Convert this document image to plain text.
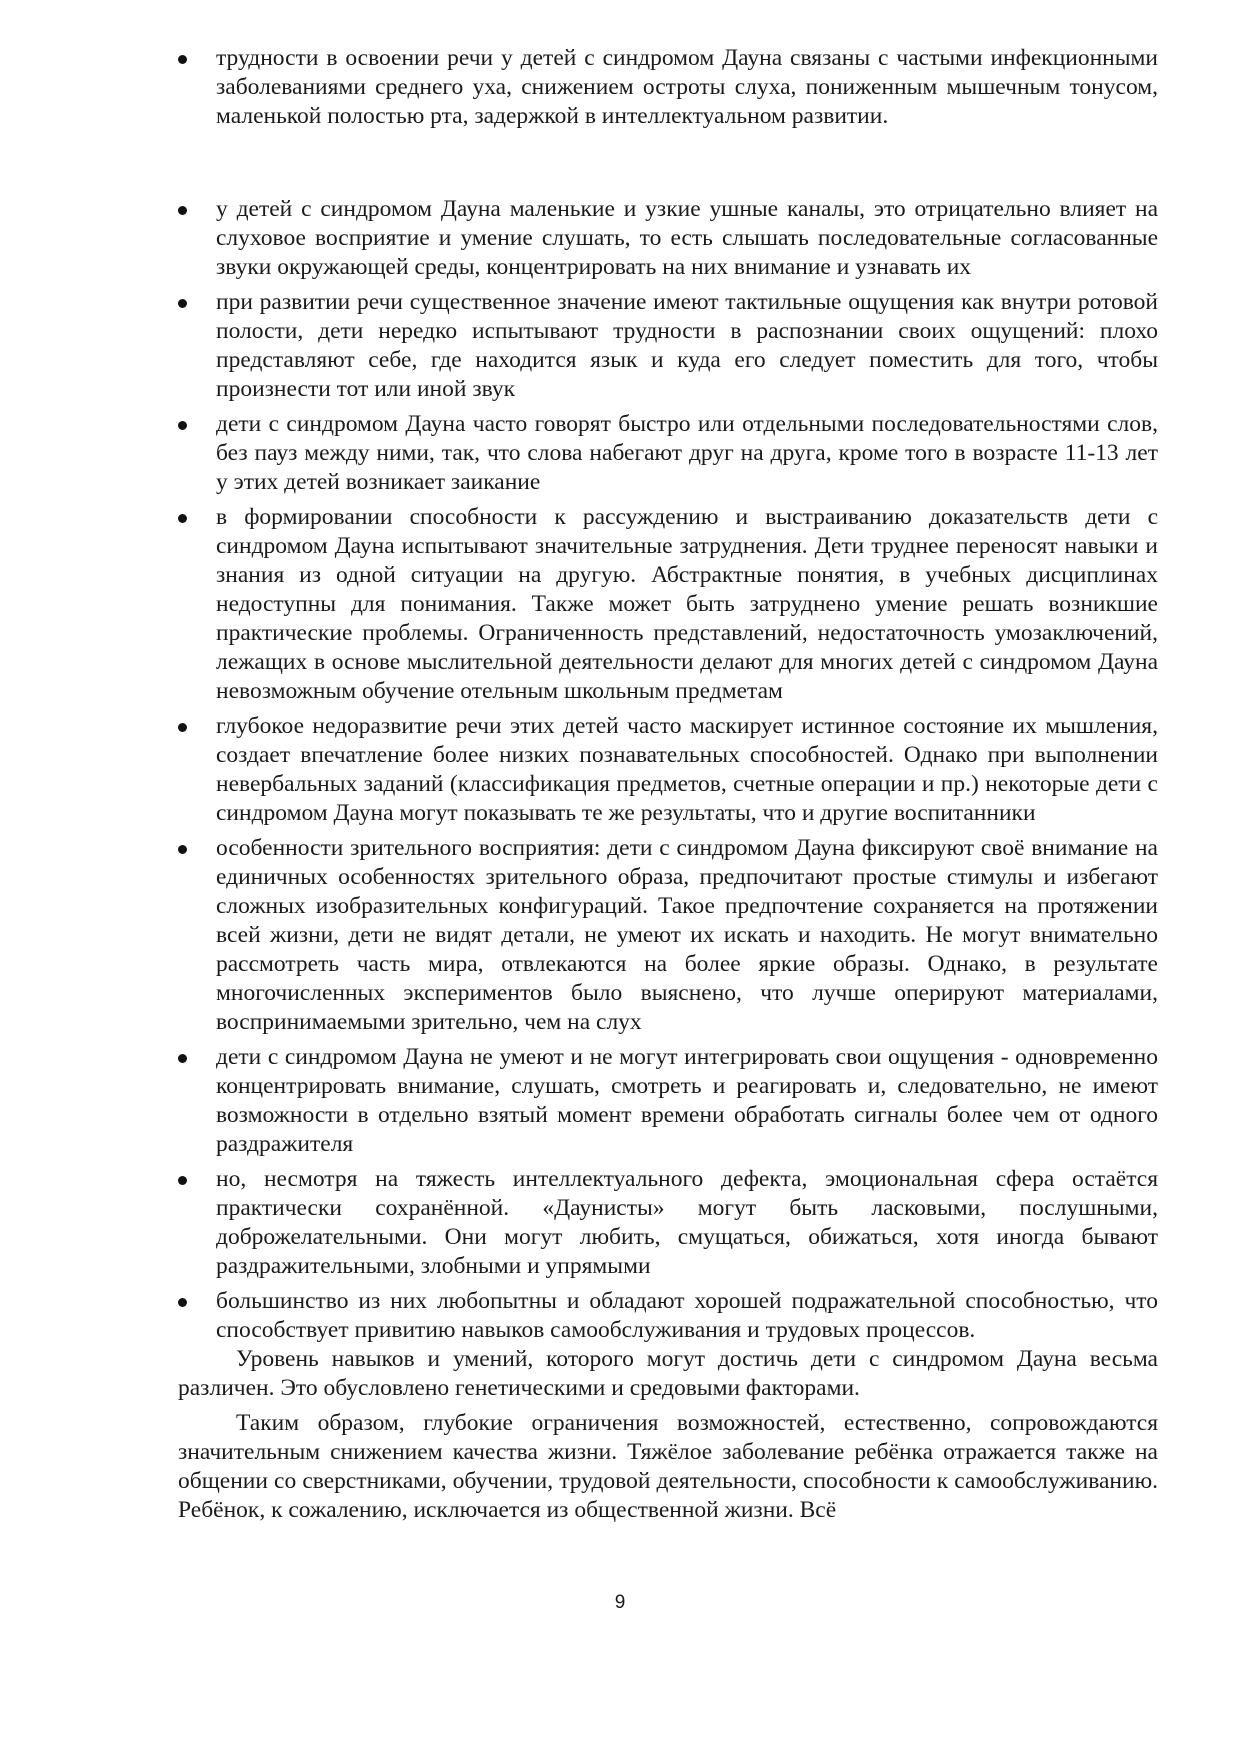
трудности в освоении речи у детей с синдромом Дауна связаны с частыми инфекционными заболеваниями среднего уха, снижением остроты слуха, пониженным мышечным тонусом, маленькой полостью рта, задержкой в интеллектуальном развитии.
у детей с синдромом Дауна маленькие и узкие ушные каналы, это отрицательно влияет на слуховое восприятие и умение слушать, то есть слышать последовательные согласованные звуки окружающей среды, концентрировать на них внимание и узнавать их
при развитии речи существенное значение имеют тактильные ощущения как внутри ротовой полости, дети нередко испытывают трудности в распознании своих ощущений: плохо представляют себе, где находится язык и куда его следует поместить для того, чтобы произнести тот или иной звук
дети с синдромом Дауна часто говорят быстро или отдельными последовательностями слов, без пауз между ними, так, что слова набегают друг на друга, кроме того в возрасте 11-13 лет у этих детей возникает заикание
в формировании способности к рассуждению и выстраиванию доказательств дети с синдромом Дауна испытывают значительные затруднения. Дети труднее переносят навыки и знания из одной ситуации на другую. Абстрактные понятия, в учебных дисциплинах недоступны для понимания. Также может быть затруднено умение решать возникшие практические проблемы. Ограниченность представлений, недостаточность умозаключений, лежащих в основе мыслительной деятельности делают для многих детей с синдромом Дауна невозможным обучение отельным школьным предметам
глубокое недоразвитие речи этих детей часто маскирует истинное состояние их мышления, создает впечатление более низких познавательных способностей. Однако при выполнении невербальных заданий (классификация предметов, счетные операции и пр.) некоторые дети с синдромом Дауна могут показывать те же результаты, что и другие воспитанники
особенности зрительного восприятия: дети с синдромом Дауна фиксируют своё внимание на единичных особенностях зрительного образа, предпочитают простые стимулы и избегают сложных изобразительных конфигураций. Такое предпочтение сохраняется на протяжении всей жизни, дети не видят детали, не умеют их искать и находить. Не могут внимательно рассмотреть часть мира, отвлекаются на более яркие образы. Однако, в результате многочисленных экспериментов было выяснено, что лучше оперируют материалами, воспринимаемыми зрительно, чем на слух
дети с синдромом Дауна не умеют и не могут интегрировать свои ощущения - одновременно концентрировать внимание, слушать, смотреть и реагировать и, следовательно, не имеют возможности в отдельно взятый момент времени обработать сигналы более чем от одного раздражителя
но, несмотря на тяжесть интеллектуального дефекта, эмоциональная сфера остаётся практически сохранённой. «Даунисты» могут быть ласковыми, послушными, доброжелательными. Они могут любить, смущаться, обижаться, хотя иногда бывают раздражительными, злобными и упрямыми
большинство из них любопытны и обладают хорошей подражательной способностью, что способствует привитию навыков самообслуживания и трудовых процессов.

Уровень навыков и умений, которого могут достичь дети с синдромом Дауна весьма различен. Это обусловлено генетическими и средовыми факторами.

Таким образом, глубокие ограничения возможностей, естественно, сопровождаются значительным снижением качества жизни. Тяжёлое заболевание ребёнка отражается также на общении со сверстниками, обучении, трудовой деятельности, способности к самообслуживанию. Ребёнок, к сожалению, исключается из общественной жизни. Всё

9
